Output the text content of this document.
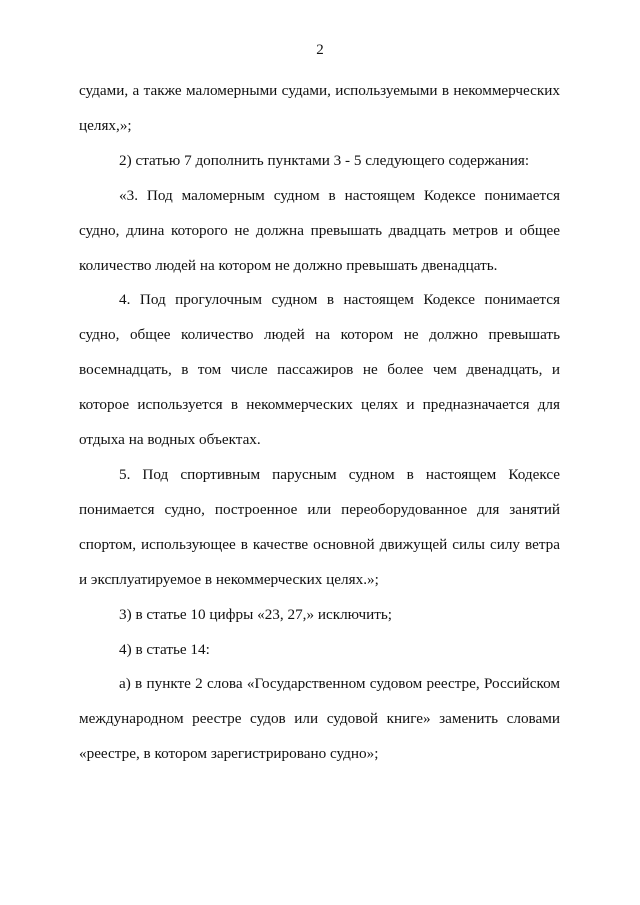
2

судами, а также маломерными судами, используемыми в некоммерческих целях,»;

2) статью 7 дополнить пунктами 3 - 5 следующего содержания:

«3. Под маломерным судном в настоящем Кодексе понимается судно, длина которого не должна превышать двадцать метров и общее количество людей на котором не должно превышать двенадцать.

4. Под прогулочным судном в настоящем Кодексе понимается судно, общее количество людей на котором не должно превышать восемнадцать, в том числе пассажиров не более чем двенадцать, и которое используется в некоммерческих целях и предназначается для отдыха на водных объектах.

5. Под спортивным парусным судном в настоящем Кодексе понимается судно, построенное или переоборудованное для занятий спортом, использующее в качестве основной движущей силы силу ветра и эксплуатируемое в некоммерческих целях.»;

3) в статье 10 цифры «23, 27,» исключить;

4) в статье 14:

а) в пункте 2 слова «Государственном судовом реестре, Российском международном реестре судов или судовой книге» заменить словами «реестре, в котором зарегистрировано судно»;
